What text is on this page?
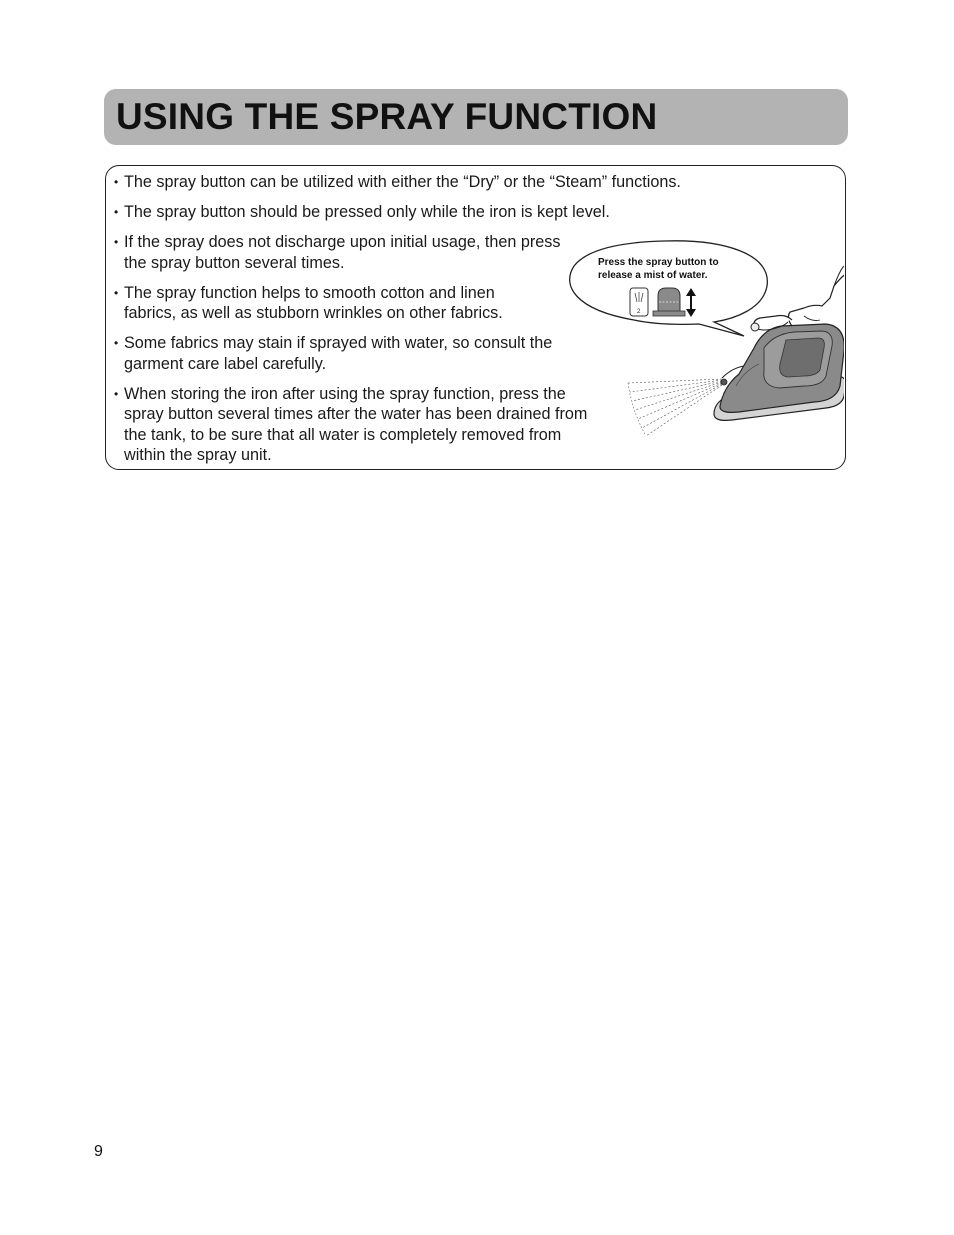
USING THE SPRAY FUNCTION
• The spray button can be utilized with either the “Dry” or the “Steam” functions.
• The spray button should be pressed only while the iron is kept level.
• If the spray does not discharge upon initial usage, then press the spray button several times.
• The spray function helps to smooth cotton and linen fabrics, as well as stubborn wrinkles on other fabrics.
• Some fabrics may stain if sprayed with water, so consult the garment care label carefully.
• When storing the iron after using the spray function, press the spray button several times after the water has been drained from the tank, to be sure that all water is completely removed from within the spray unit.
Press the spray button to
release a mist of water.
2
9
